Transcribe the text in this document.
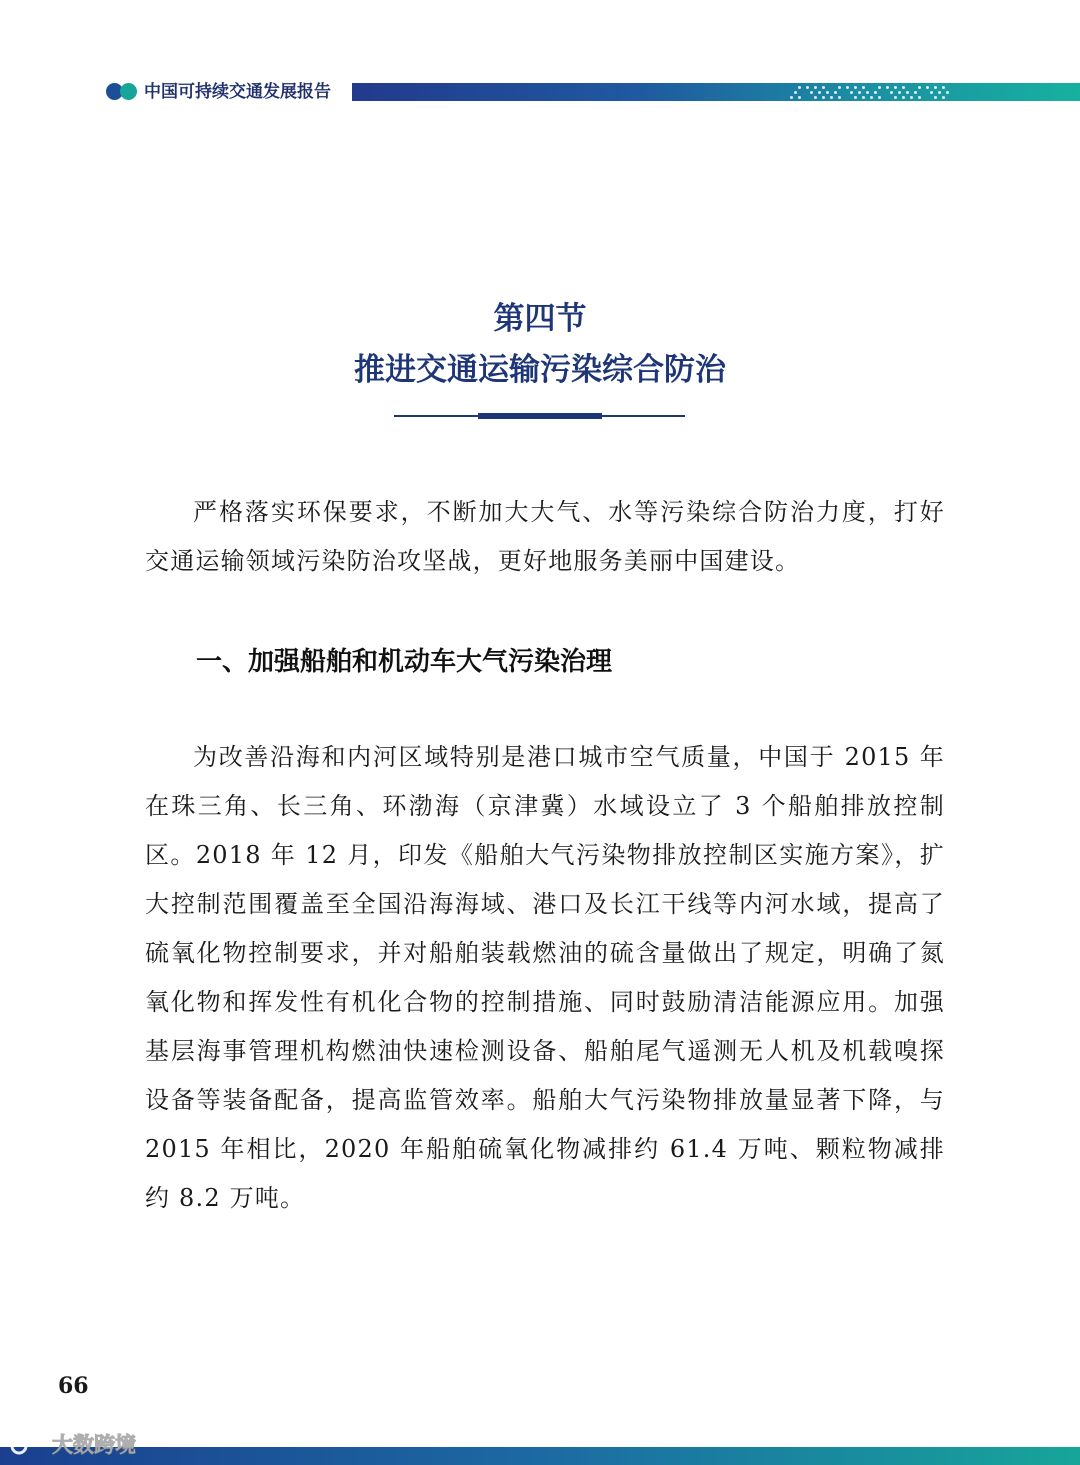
中国可持续交通发展报告
第四节
推进交通运输污染综合防治

严格落实环保要求，不断加大大气、水等污染综合防治力度，打好交通运输领域污染防治攻坚战，更好地服务美丽中国建设。

一、加强船舶和机动车大气污染治理

为改善沿海和内河区域特别是港口城市空气质量，中国于 2015 年在珠三角、长三角、环渤海（京津冀）水域设立了 3 个船舶排放控制区。2018 年 12 月，印发《船舶大气污染物排放控制区实施方案》，扩大控制范围覆盖至全国沿海海域、港口及长江干线等内河水域，提高了硫氧化物控制要求，并对船舶装载燃油的硫含量做出了规定，明确了氮氧化物和挥发性有机化合物的控制措施、同时鼓励清洁能源应用。加强基层海事管理机构燃油快速检测设备、船舶尾气遥测无人机及机载嗅探设备等装备配备，提高监管效率。船舶大气污染物排放量显著下降，与 2015 年相比，2020 年船舶硫氧化物减排约 61.4 万吨、颗粒物减排约 8.2 万吨。

66
大数跨境
